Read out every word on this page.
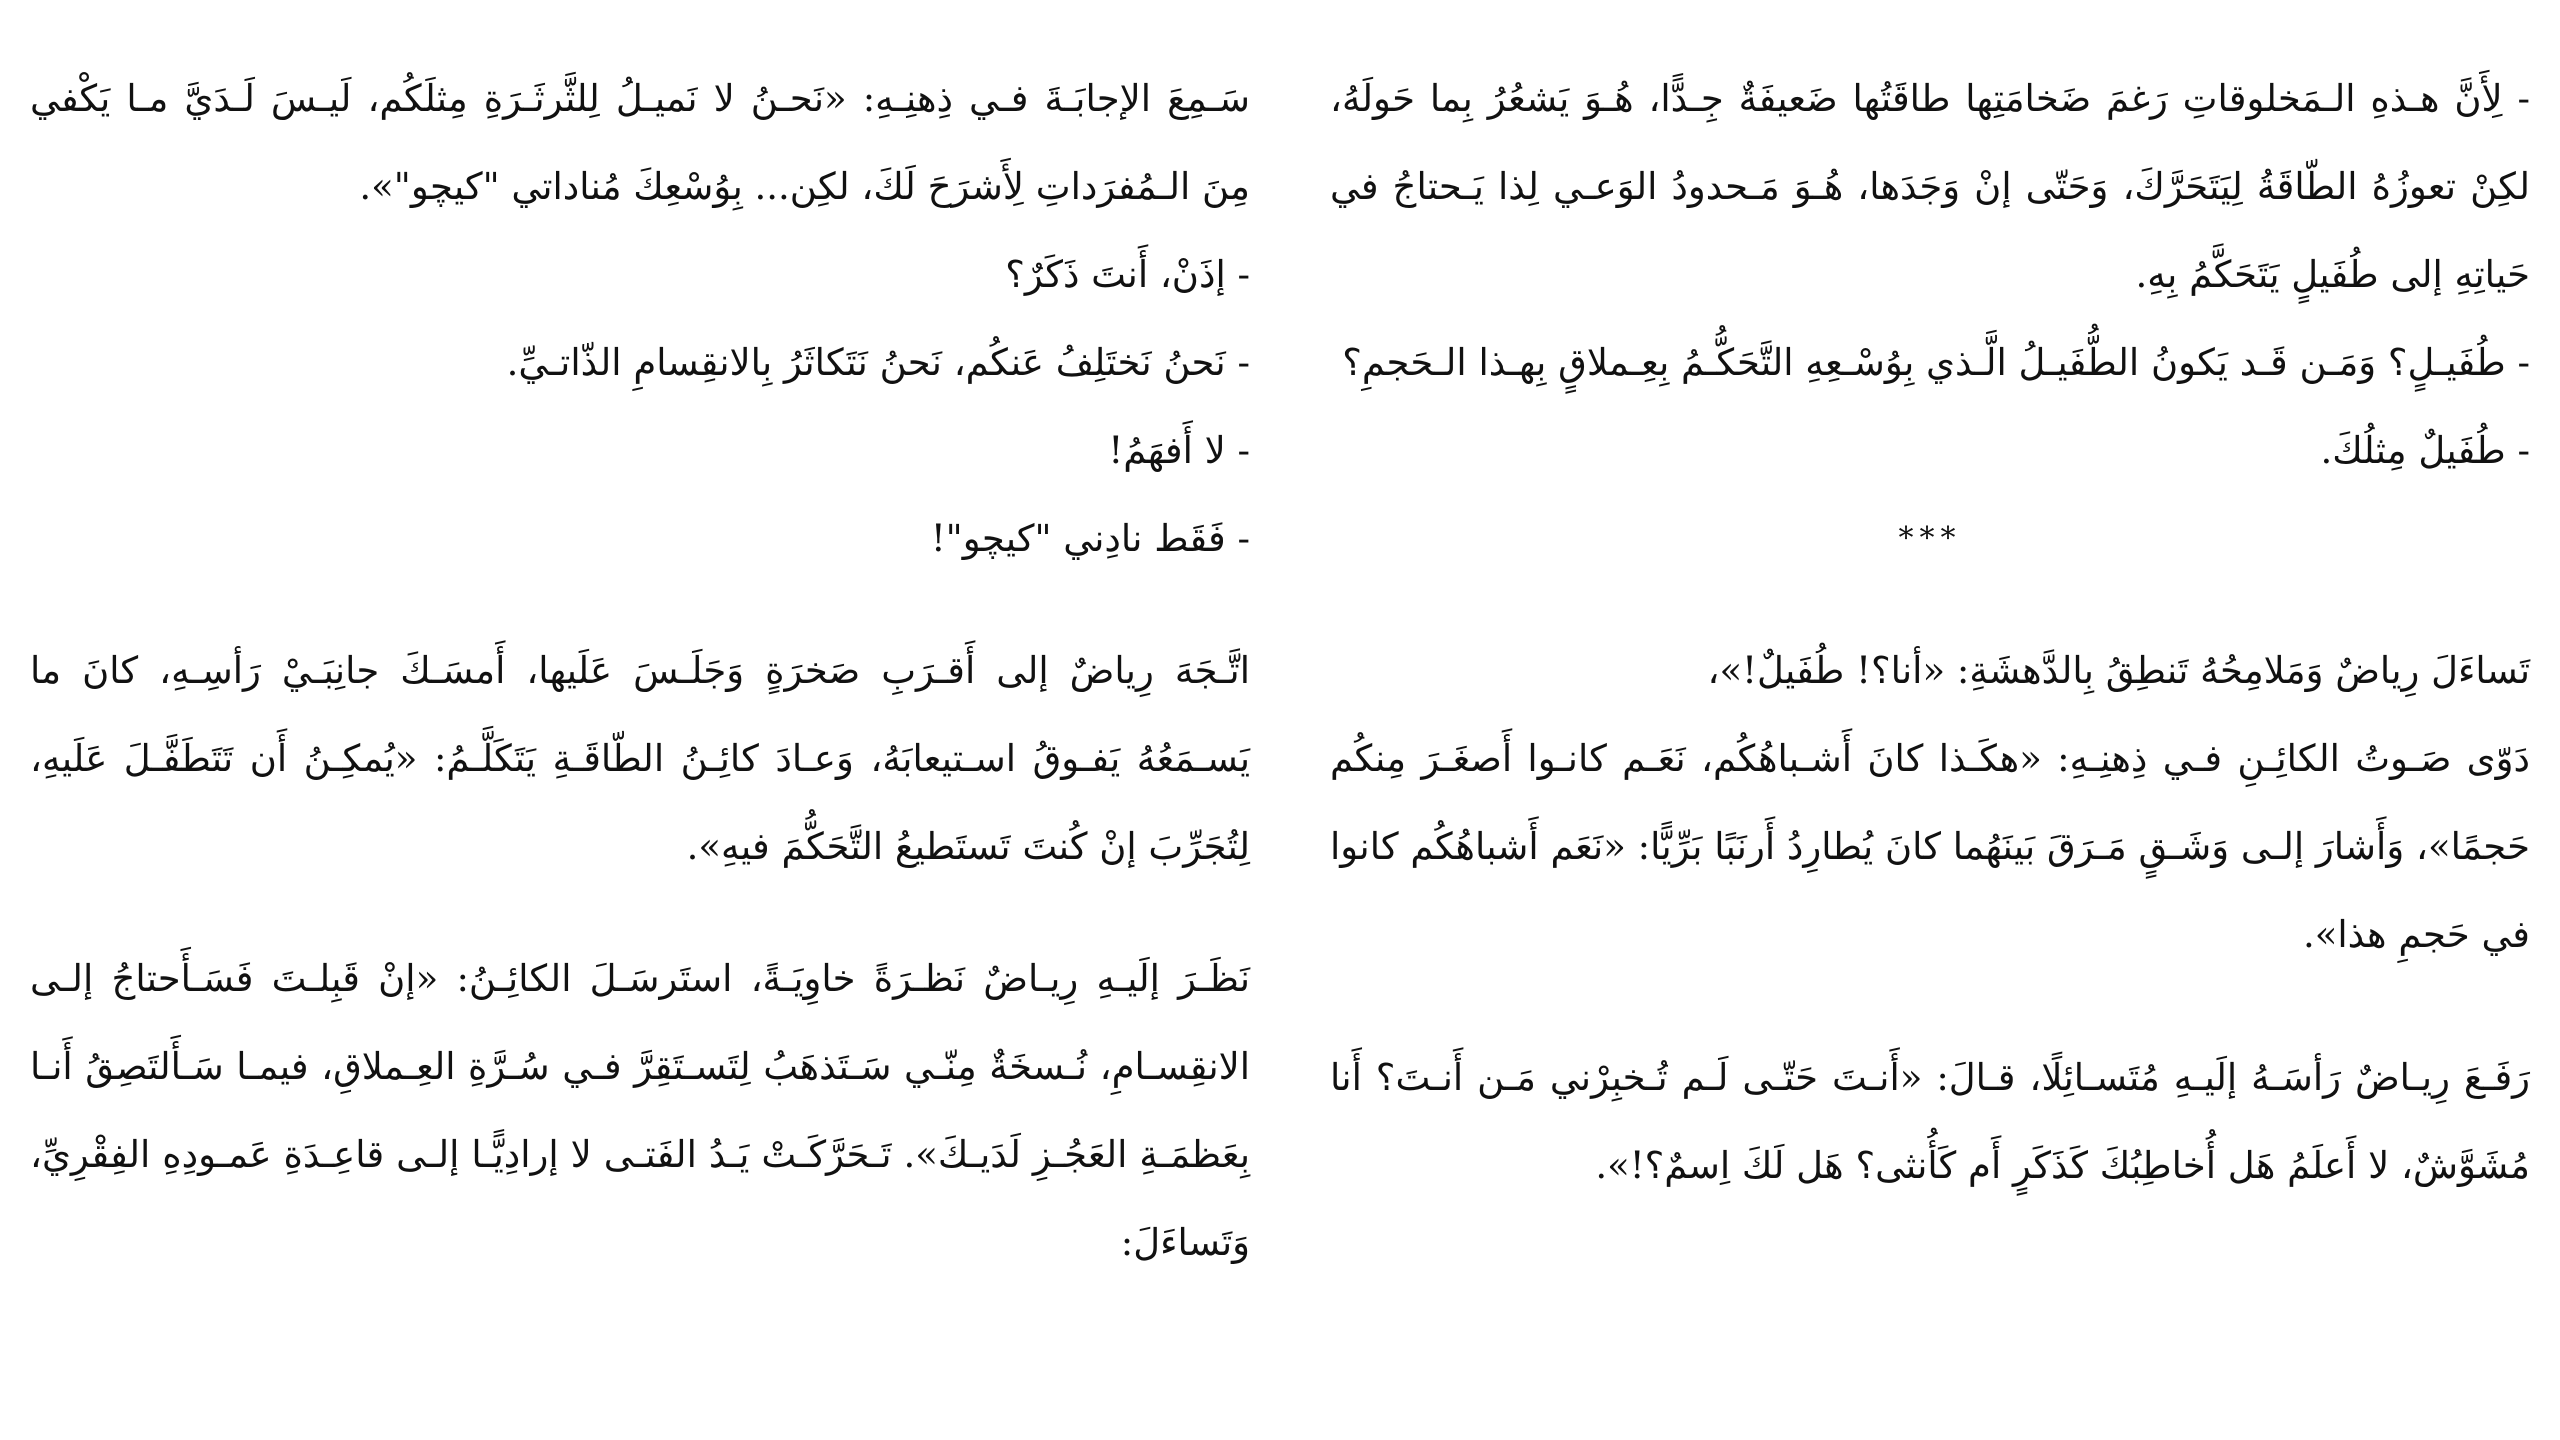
- لِأَنَّ هـذهِ الـمَخلوقاتِ رَغمَ ضَخامَتِها طاقَتُها ضَعيفَةٌ جِـدًّا، هُـوَ يَشعُرُ بِما حَولَهُ، لكِنْ تعوزُهُ الطّاقَةُ لِيَتَحَرَّكَ، وَحَتّى إنْ وَجَدَها، هُـوَ مَـحدودُ الوَعـي لِذا يَـحتاجُ في حَياتِهِ إلى طُفَيلٍ يَتَحَكَّمُ بِهِ.

- طُفَيـلٍ؟ وَمَـن قَـد يَكونُ الطُّفَيـلُ الَّـذي بِوُسْـعِهِ التَّحَكُّـمُ بِعِـملاقٍ بِهـذا الـحَجمِ؟

- طُفَيلٌ مِثلُكَ.

***

تَساءَلَ رِياضٌ وَمَلامِحُهُ تَنطِقُ بِالدَّهشَةِ: «أنا؟! طُفَيلٌ!»،

دَوّى صَـوتُ الكائِـنِ فـي ذِهنِـهِ: «هكَـذا كانَ أَشـباهُكُم، نَعَـم كانـوا أَصغَـرَ مِنكُم حَجمًا»، وَأَشارَ إلـى وَشَـقٍ مَـرَقَ بَينَهُما كانَ يُطارِدُ أَرنَبًا بَرِّيًّا: «نَعَم أَشباهُكُم كانوا في حَجمِ هذا».

رَفَـعَ رِيـاضٌ رَأسَـهُ إلَيـهِ مُتَسـائِلًا، قـالَ: «أَنـتَ حَتّـى لَـم تُـخبِرْني مَـن أَنـتَ؟ أَنا مُشَوَّشٌ، لا أَعلَمُ هَل أُخاطِبُكَ كَذَكَرٍ أَم كَأُنثى؟ هَل لَكَ اِسمٌ؟!».

سَـمِعَ الإجابَـةَ فـي ذِهنِـهِ: «نَحـنُ لا نَميـلُ لِلثَّرثَـرَةِ مِثلَكُم، لَيـسَ لَـدَيَّ مـا يَكْفي مِنَ الـمُفرَداتِ لِأَشرَحَ لَكَ، لكِن... بِوُسْعِكَ مُناداتي "كيچو"».

- إذَنْ، أَنتَ ذَكَرٌ؟

- نَحنُ نَختَلِفُ عَنكُم، نَحنُ نَتَكاثَرُ بِالانقِسامِ الذّاتـيِّ.

- لا أَفهَمُ!

- فَقَط نادِني "كيچو"!

اتَّـجَهَ رِياضٌ إلى أَقـرَبِ صَخرَةٍ وَجَلَـسَ عَلَيها، أَمسَـكَ جانِبَـيْ رَأسِـهِ، كانَ ما يَسـمَعُهُ يَفـوقُ اسـتيعابَهُ، وَعـادَ كائِـنُ الطّاقَـةِ يَتَكَلَّـمُ: «يُمكِـنُ أَن تَتَطَفَّـلَ عَلَيهِ، لِتُجَرِّبَ إنْ كُنتَ تَستَطيعُ التَّحَكُّمَ فيهِ».

نَظَـرَ إلَيـهِ رِيـاضٌ نَظـرَةً خاوِيَـةً، استَرسَـلَ الكائِـنُ: «إنْ قَبِلـتَ فَسَـأَحتاجُ إلـى الانقِسـامِ، نُـسخَةٌ مِنّـي سَـتَذهَبُ لِتَسـتَقِرَّ فـي سُـرَّةِ العِـملاقِ، فيمـا سَـأَلتَصِقُ أَنـا بِعَظمَـةِ العَجُـزِ لَدَيـكَ». تَـحَرَّكَـتْ يَـدُ الفَتـى لا إرادِيًّـا إلـى قاعِـدَةِ عَمـودِهِ الفِقْرِيِّ، وَتَساءَلَ:
